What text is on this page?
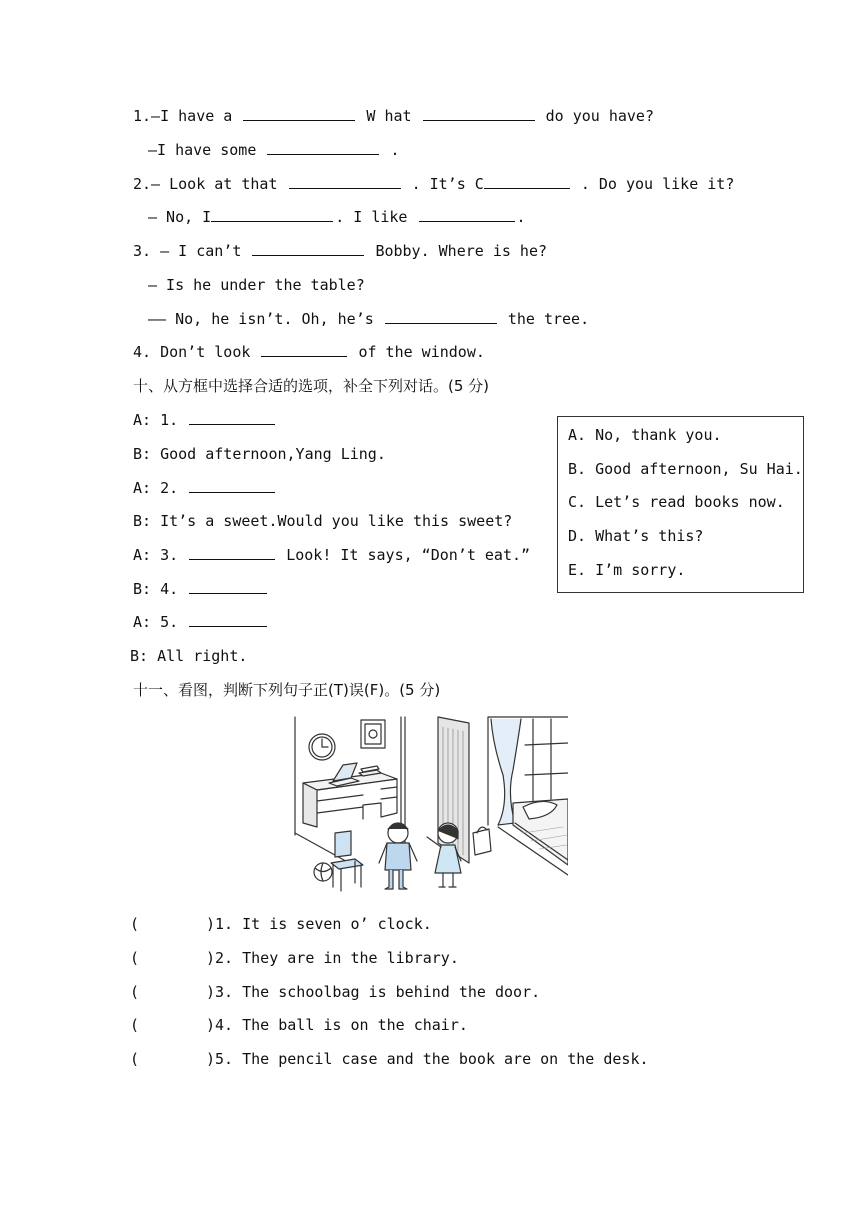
1.—I have a	W hat	do you have?
—I have some	.
2.— Look at that	. It’s C	. Do you like it?
— No, I	. I like	.
3. — I can’t	Bobby. Where is he?
— Is he under the table?
—— No, he isn’t. Oh, he’s	the tree.
4. Don’t look	of the window.
十、从方框中选择合适的选项，补全下列对话。(5 分)
A: 1.
B: Good afternoon,Yang Ling.
A: 2.
B: It’s a sweet.Would you like this sweet?
A: 3.	Look! It says, “Don’t eat.”
B: 4.
A: 5.
B: All right.
A. No, thank you.
B. Good afternoon, Su Hai.
C. Let’s read books now.
D. What’s this?
E. I’m sorry.
十一、看图，判断下列句子正(T)误(F)。(5 分)
(	)1. It is seven o’ clock.
(	)2. They are in the library.
(	)3. The schoolbag is behind the door.
(	)4. The ball is on the chair.
(	)5. The pencil case and the book are on the desk.
